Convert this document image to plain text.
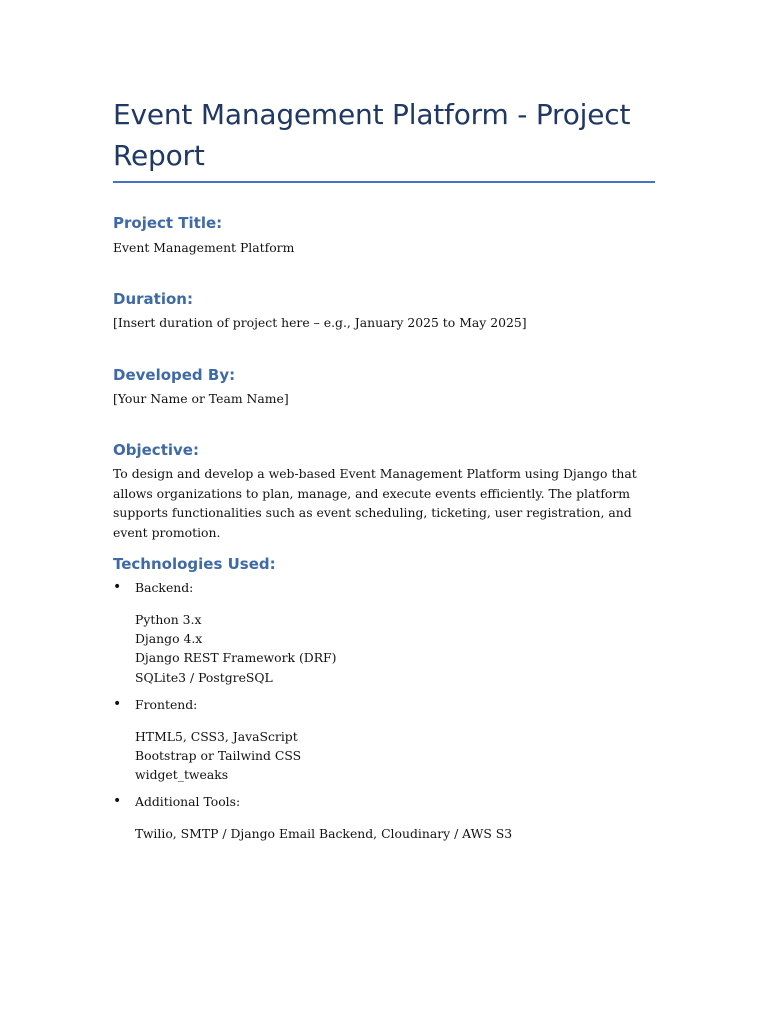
Event Management Platform - Project Report
Project Title:

Event Management Platform

Duration:

[Insert duration of project here – e.g., January 2025 to May 2025]

Developed By:

[Your Name or Team Name]

Objective:

To design and develop a web-based Event Management Platform using Django that allows organizations to plan, manage, and execute events efficiently. The platform supports functionalities such as event scheduling, ticketing, user registration, and event promotion.

Technologies Used:
• Backend:
Python 3.x
Django 4.x
Django REST Framework (DRF)
SQLite3 / PostgreSQL
• Frontend:
HTML5, CSS3, JavaScript
Bootstrap or Tailwind CSS
widget_tweaks
• Additional Tools:
Twilio, SMTP / Django Email Backend, Cloudinary / AWS S3
